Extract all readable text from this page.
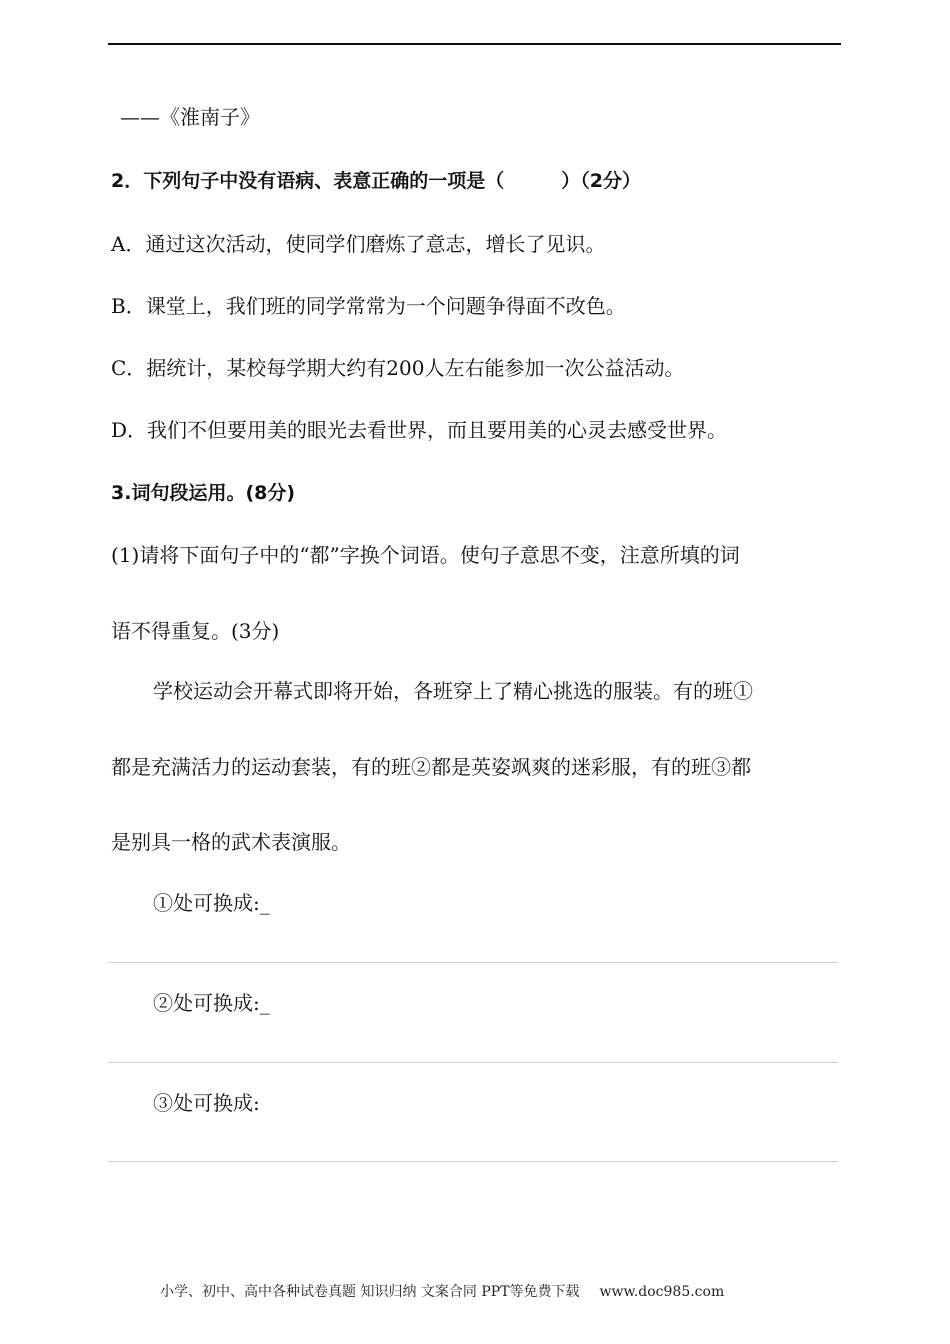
——《淮南子》
2．下列句子中没有语病、表意正确的一项是（　　　）（2分）
A．通过这次活动，使同学们磨炼了意志，增长了见识。
B．课堂上，我们班的同学常常为一个问题争得面不改色。
C．据统计，某校每学期大约有200人左右能参加一次公益活动。
D．我们不但要用美的眼光去看世界，而且要用美的心灵去感受世界。
3.词句段运用。(8分)
(1)请将下面句子中的“都”字换个词语。使句子意思不变，注意所填的词
语不得重复。(3分)
学校运动会开幕式即将开始，各班穿上了精心挑选的服装。有的班①
都是充满活力的运动套装，有的班②都是英姿飒爽的迷彩服，有的班③都
是别具一格的武术表演服。
①处可换成:_
②处可换成:_
③处可换成:
小学、初中、高中各种试卷真题 知识归纳 文案合同 PPT等免费下载 www.doc985.com
